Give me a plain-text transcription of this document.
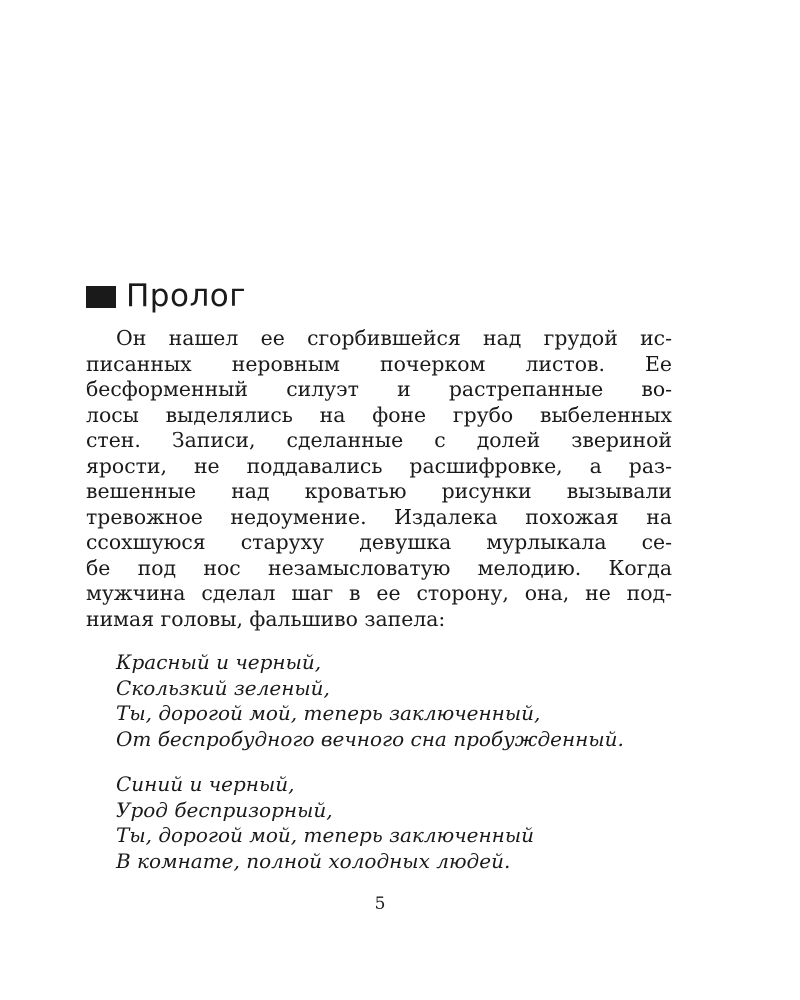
Пролог
Он нашел ее сгорбившейся над грудой ис-
писанных неровным почерком листов. Ее
бесформенный силуэт и растрепанные во-
лосы выделялись на фоне грубо выбеленных
стен. Записи, сделанные с долей звериной
ярости, не поддавались расшифровке, а раз-
вешенные над кроватью рисунки вызывали
тревожное недоумение. Издалека похожая на
ссохшуюся старуху девушка мурлыкала се-
бе под нос незамысловатую мелодию. Когда
мужчина сделал шаг в ее сторону, она, не под-
нимая головы, фальшиво запела:
Красный и черный,
Скользкий зеленый,
Ты, дорогой мой, теперь заключенный,
От беспробудного вечного сна пробужденный.
Синий и черный,
Урод беспризорный,
Ты, дорогой мой, теперь заключенный
В комнате, полной холодных людей.
5
